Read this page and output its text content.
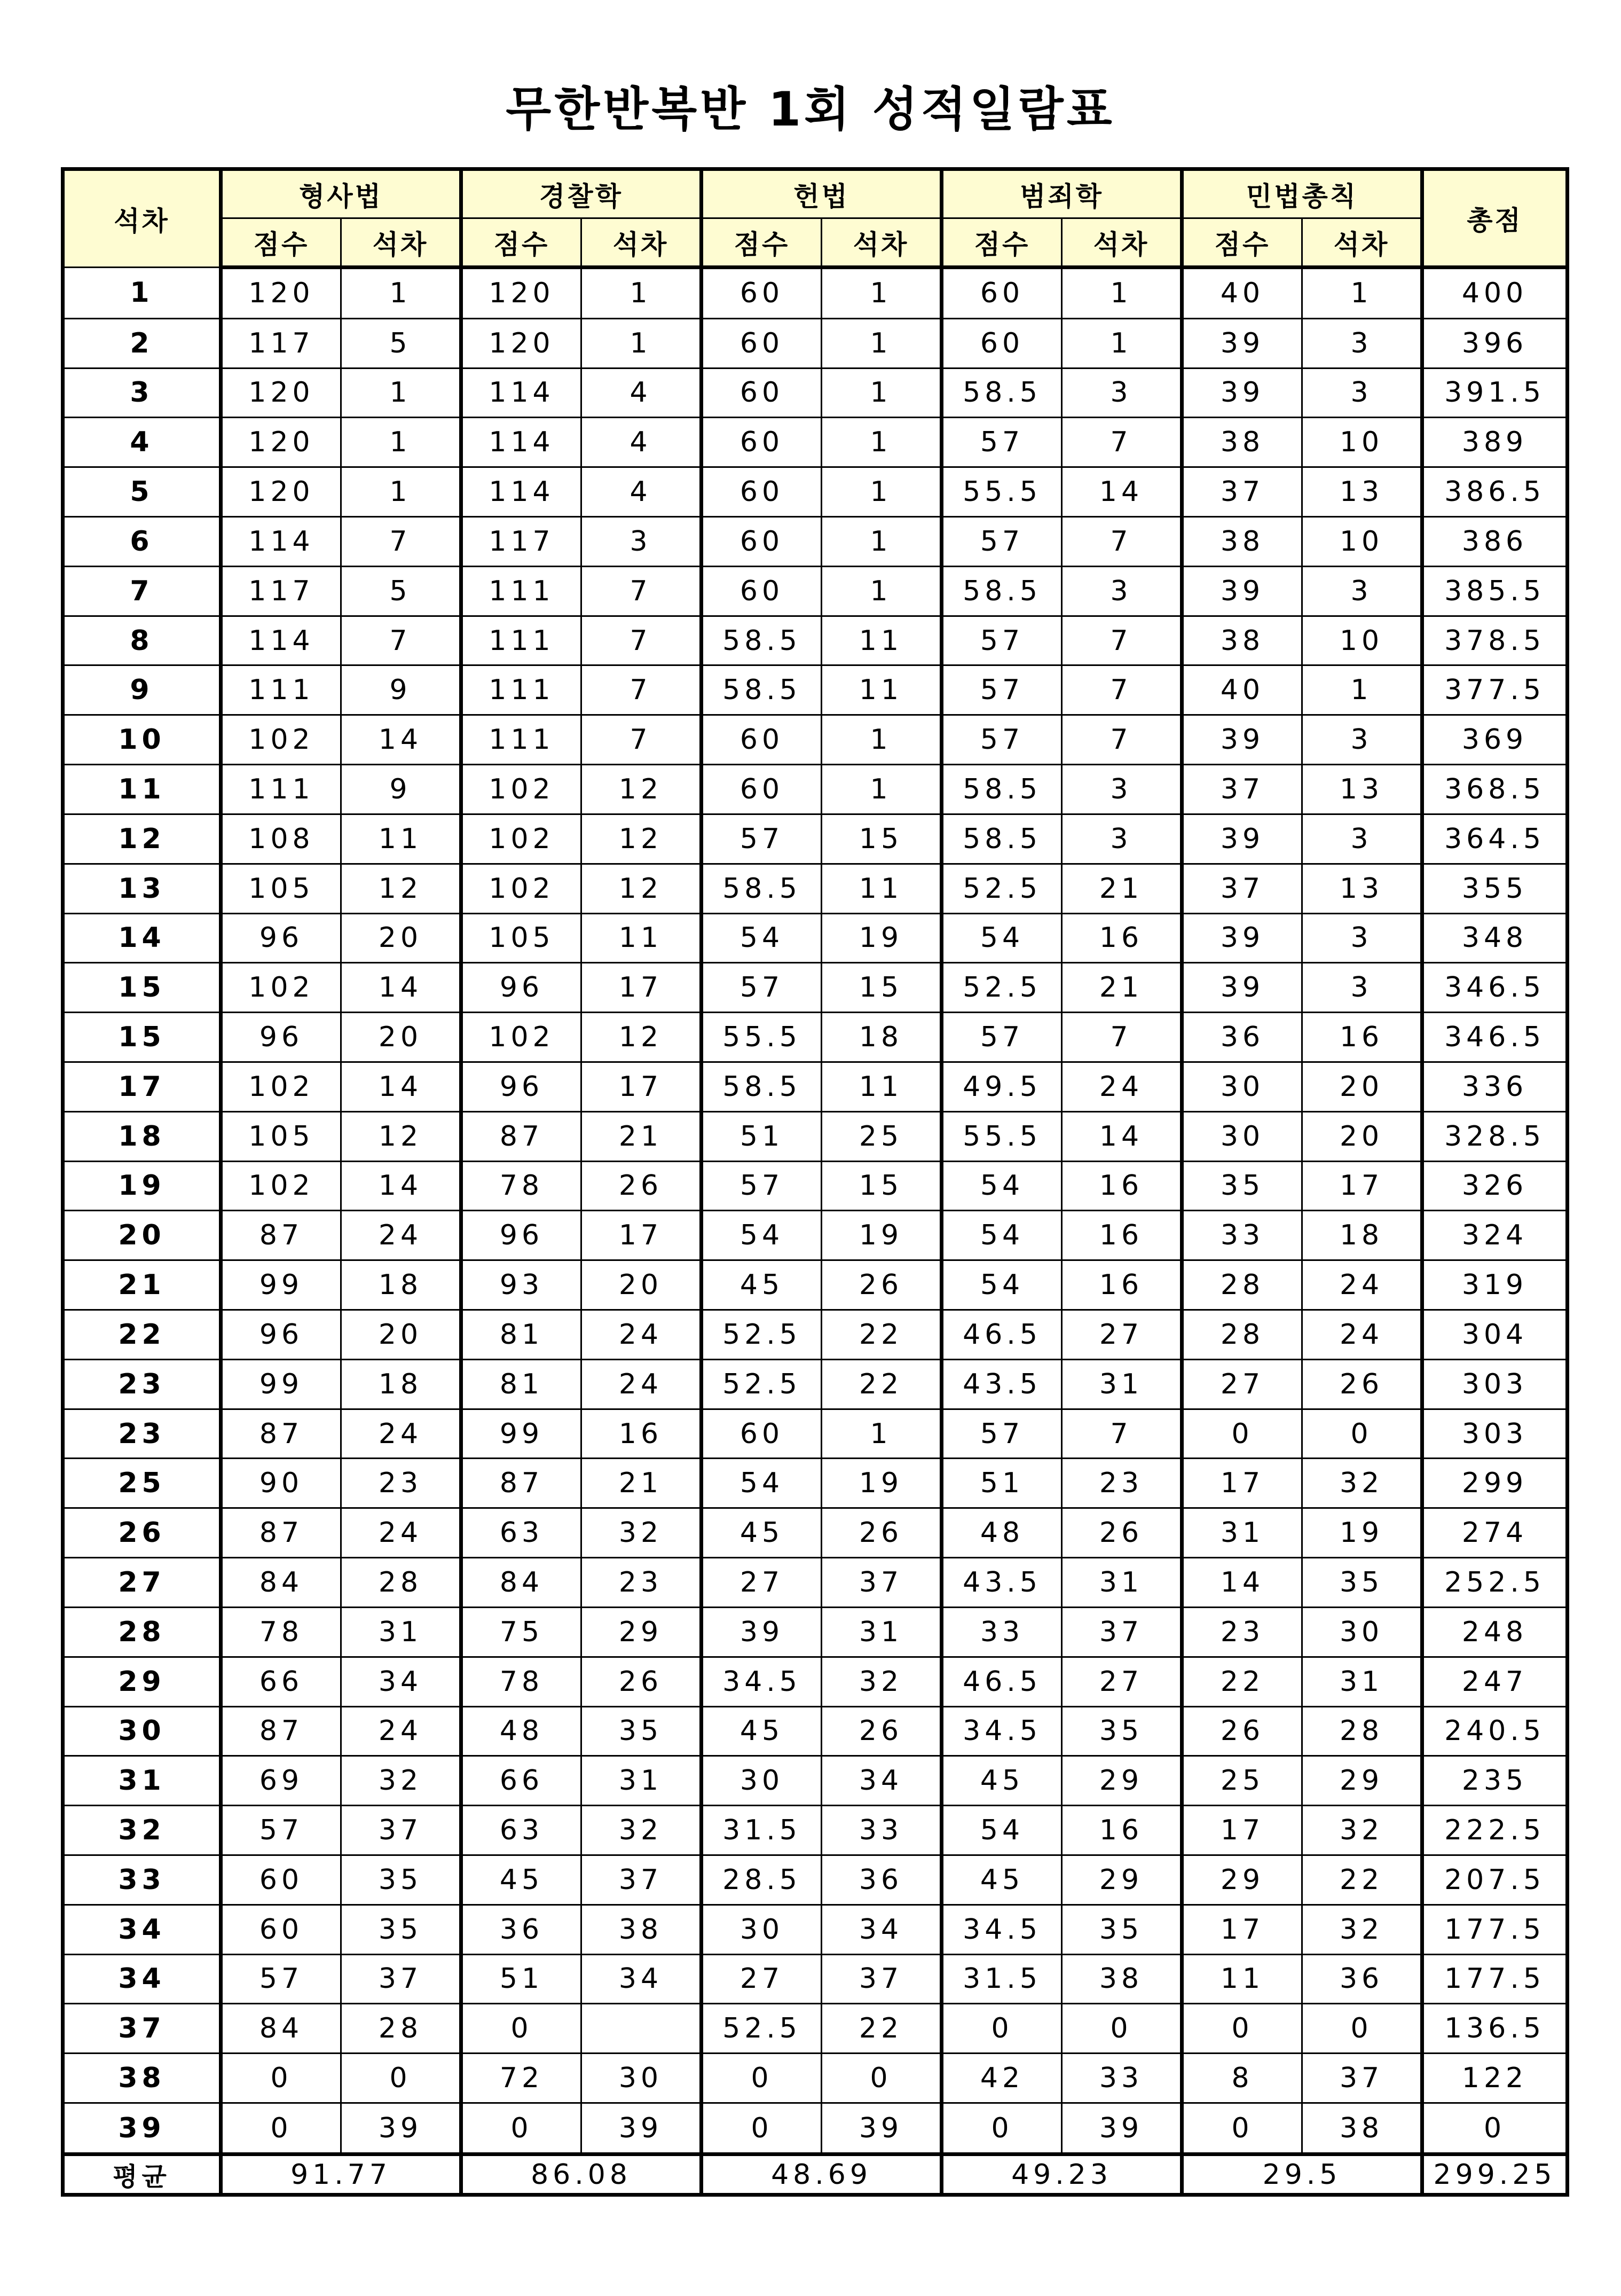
무한반복반 1회 성적일람표
석차	형사법		경찰학		헌법		범죄학		민법총칙		총점
	점수	석차	점수	석차	점수	석차	점수	석차	점수	석차	
1	120	1	120	1	60	1	60	1	40	1	400
2	117	5	120	1	60	1	60	1	39	3	396
3	120	1	114	4	60	1	58.5	3	39	3	391.5
4	120	1	114	4	60	1	57	7	38	10	389
5	120	1	114	4	60	1	55.5	14	37	13	386.5
6	114	7	117	3	60	1	57	7	38	10	386
7	117	5	111	7	60	1	58.5	3	39	3	385.5
8	114	7	111	7	58.5	11	57	7	38	10	378.5
9	111	9	111	7	58.5	11	57	7	40	1	377.5
10	102	14	111	7	60	1	57	7	39	3	369
11	111	9	102	12	60	1	58.5	3	37	13	368.5
12	108	11	102	12	57	15	58.5	3	39	3	364.5
13	105	12	102	12	58.5	11	52.5	21	37	13	355
14	96	20	105	11	54	19	54	16	39	3	348
15	102	14	96	17	57	15	52.5	21	39	3	346.5
15	96	20	102	12	55.5	18	57	7	36	16	346.5
17	102	14	96	17	58.5	11	49.5	24	30	20	336
18	105	12	87	21	51	25	55.5	14	30	20	328.5
19	102	14	78	26	57	15	54	16	35	17	326
20	87	24	96	17	54	19	54	16	33	18	324
21	99	18	93	20	45	26	54	16	28	24	319
22	96	20	81	24	52.5	22	46.5	27	28	24	304
23	99	18	81	24	52.5	22	43.5	31	27	26	303
23	87	24	99	16	60	1	57	7	0	0	303
25	90	23	87	21	54	19	51	23	17	32	299
26	87	24	63	32	45	26	48	26	31	19	274
27	84	28	84	23	27	37	43.5	31	14	35	252.5
28	78	31	75	29	39	31	33	37	23	30	248
29	66	34	78	26	34.5	32	46.5	27	22	31	247
30	87	24	48	35	45	26	34.5	35	26	28	240.5
31	69	32	66	31	30	34	45	29	25	29	235
32	57	37	63	32	31.5	33	54	16	17	32	222.5
33	60	35	45	37	28.5	36	45	29	29	22	207.5
34	60	35	36	38	30	34	34.5	35	17	32	177.5
34	57	37	51	34	27	37	31.5	38	11	36	177.5
37	84	28	0		52.5	22	0	0	0	0	136.5
38	0	0	72	30	0	0	42	33	8	37	122
39	0	39	0	39	0	39	0	39	0	38	0
평균	91.77		86.08		48.69		49.23		29.5		299.25
